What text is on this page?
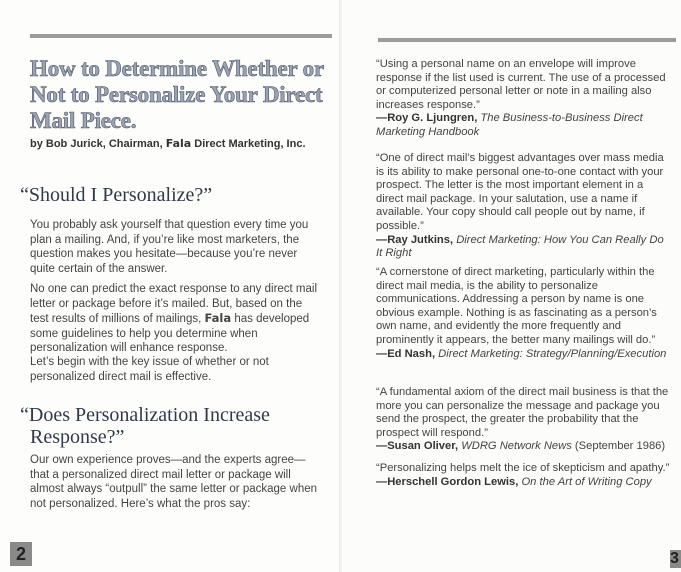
How to Determine Whether or Not to Personalize Your Direct Mail Piece.

by Bob Jurick, Chairman, Fala Direct Marketing, Inc.

“Should I Personalize?”

You probably ask yourself that question every time you plan a mailing. And, if you’re like most marketers, the question makes you hesitate—because you’re never quite certain of the answer.

No one can predict the exact response to any direct mail letter or package before it’s mailed. But, based on the test results of millions of mailings, Fala has developed some guidelines to help you determine when personalization will enhance response.

Let’s begin with the key issue of whether or not personalized direct mail is effective.

“Does Personalization Increase
Response?”

Our own experience proves—and the experts agree—that a personalized direct mail letter or package will almost always “outpull” the same letter or package when not personalized. Here’s what the pros say:

2

“Using a personal name on an envelope will improve response if the list used is current. The use of a processed or computerized personal letter or note in a mailing also increases response.”
—Roy G. Ljungren, The Business-to-Business Direct Marketing Handbook

“One of direct mail’s biggest advantages over mass media is its ability to make personal one-to-one contact with your prospect. The letter is the most important element in a direct mail package. In your salutation, use a name if available. Your copy should call people out by name, if possible.”
—Ray Jutkins, Direct Marketing: How You Can Really Do It Right

“A cornerstone of direct marketing, particularly within the direct mail media, is the ability to personalize communications. Addressing a person by name is one obvious example. Nothing is as fascinating as a person’s own name, and evidently the more frequently and prominently it appears, the better many mailings will do.”
—Ed Nash, Direct Marketing: Strategy/Planning/Execution

“A fundamental axiom of the direct mail business is that the more you can personalize the message and package you send the prospect, the greater the probability that the prospect will respond.”
—Susan Oliver, WDRG Network News (September 1986)

“Personalizing helps melt the ice of skepticism and apathy.”
—Herschell Gordon Lewis, On the Art of Writing Copy

3
